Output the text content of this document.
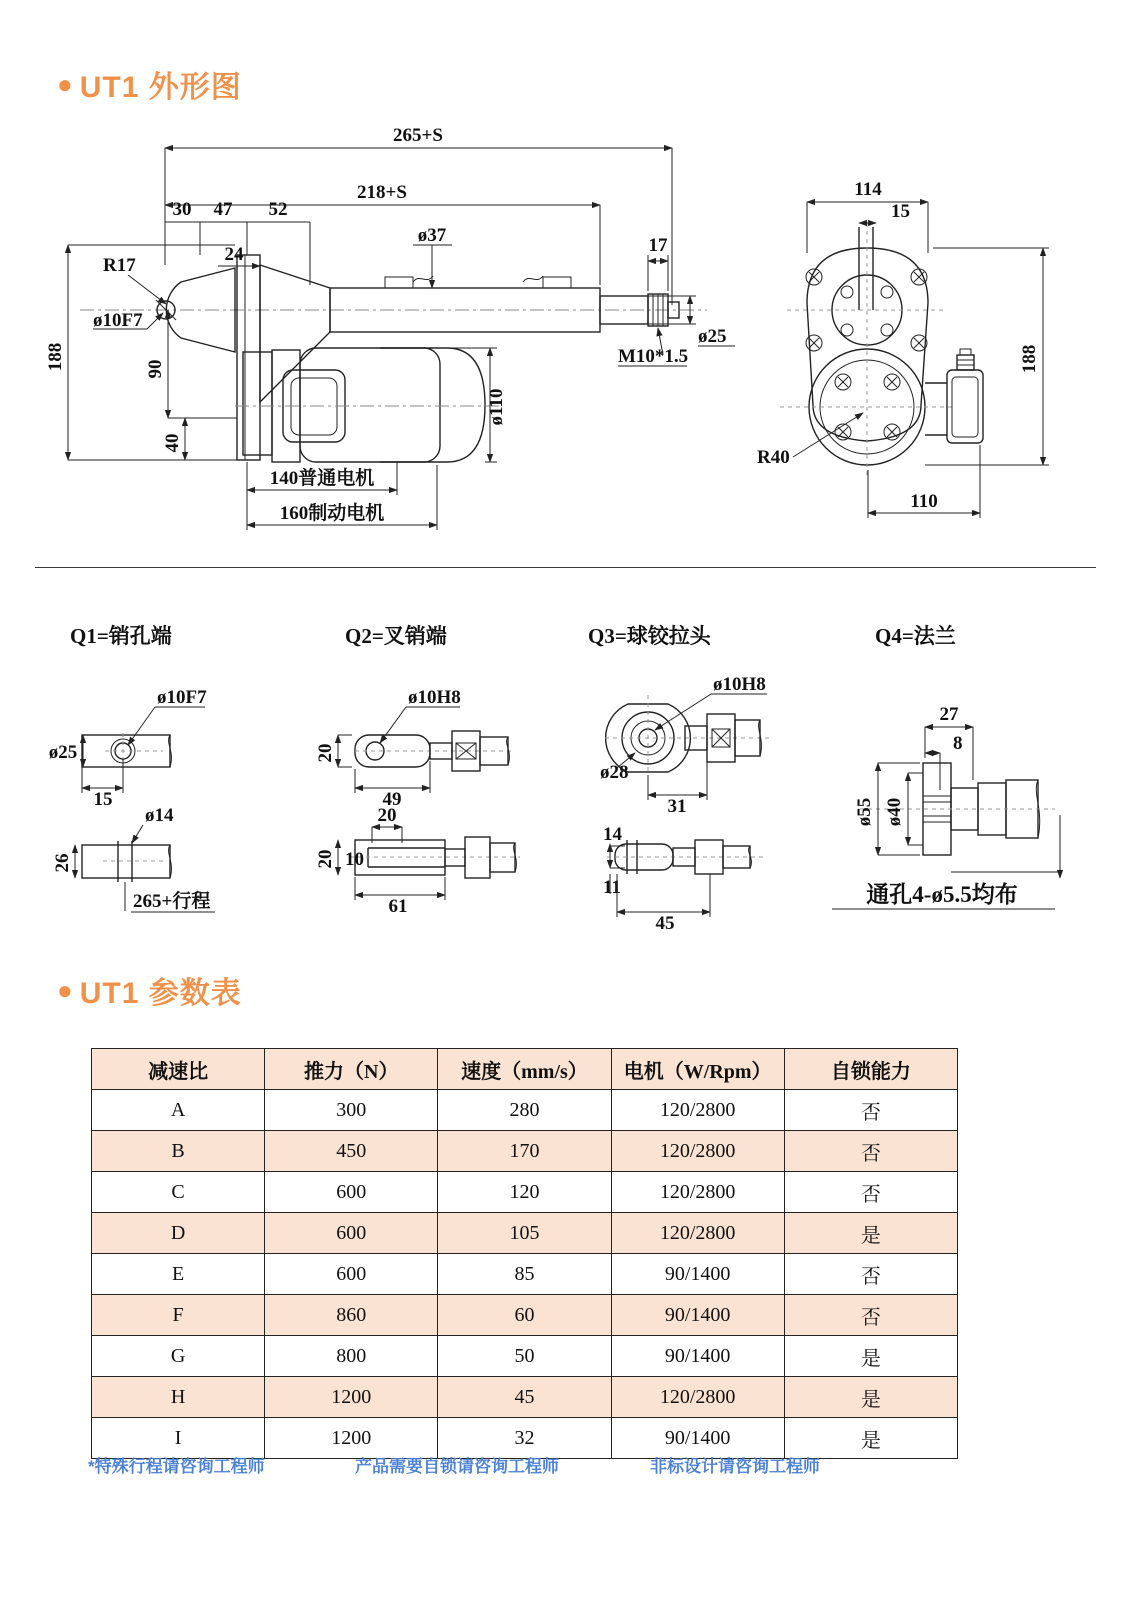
● UT1 外形图
265+S
218+S
30 47 52
24
R17
ø10F7
188	90
40
ø37	17
ø25
M10*1.5
ø110
140普通电机
160制动电机
114
15
188
R40
110
Q1=销孔端	Q2=叉销端	Q3=球铰拉头	Q4=法兰
ø10F7
ø25
15
ø14
26
265+行程
ø10H8
20
49
20
20 10
61
ø10H8
ø28
31
14
11
45
27
8
ø55 ø40
通孔4-ø5.5均布
● UT1 参数表
减速比	推力（N）	速度（mm/s）	电机（W/Rpm）	自锁能力
A	300	280	120/2800	否
B	450	170	120/2800	否
C	600	120	120/2800	否
D	600	105	120/2800	是
E	600	85	90/1400	否
F	860	60	90/1400	否
G	800	50	90/1400	是
H	1200	45	120/2800	是
I	1200	32	90/1400	是
*特殊行程请咨询工程师	产品需要自锁请咨询工程师	非标设计请咨询工程师
